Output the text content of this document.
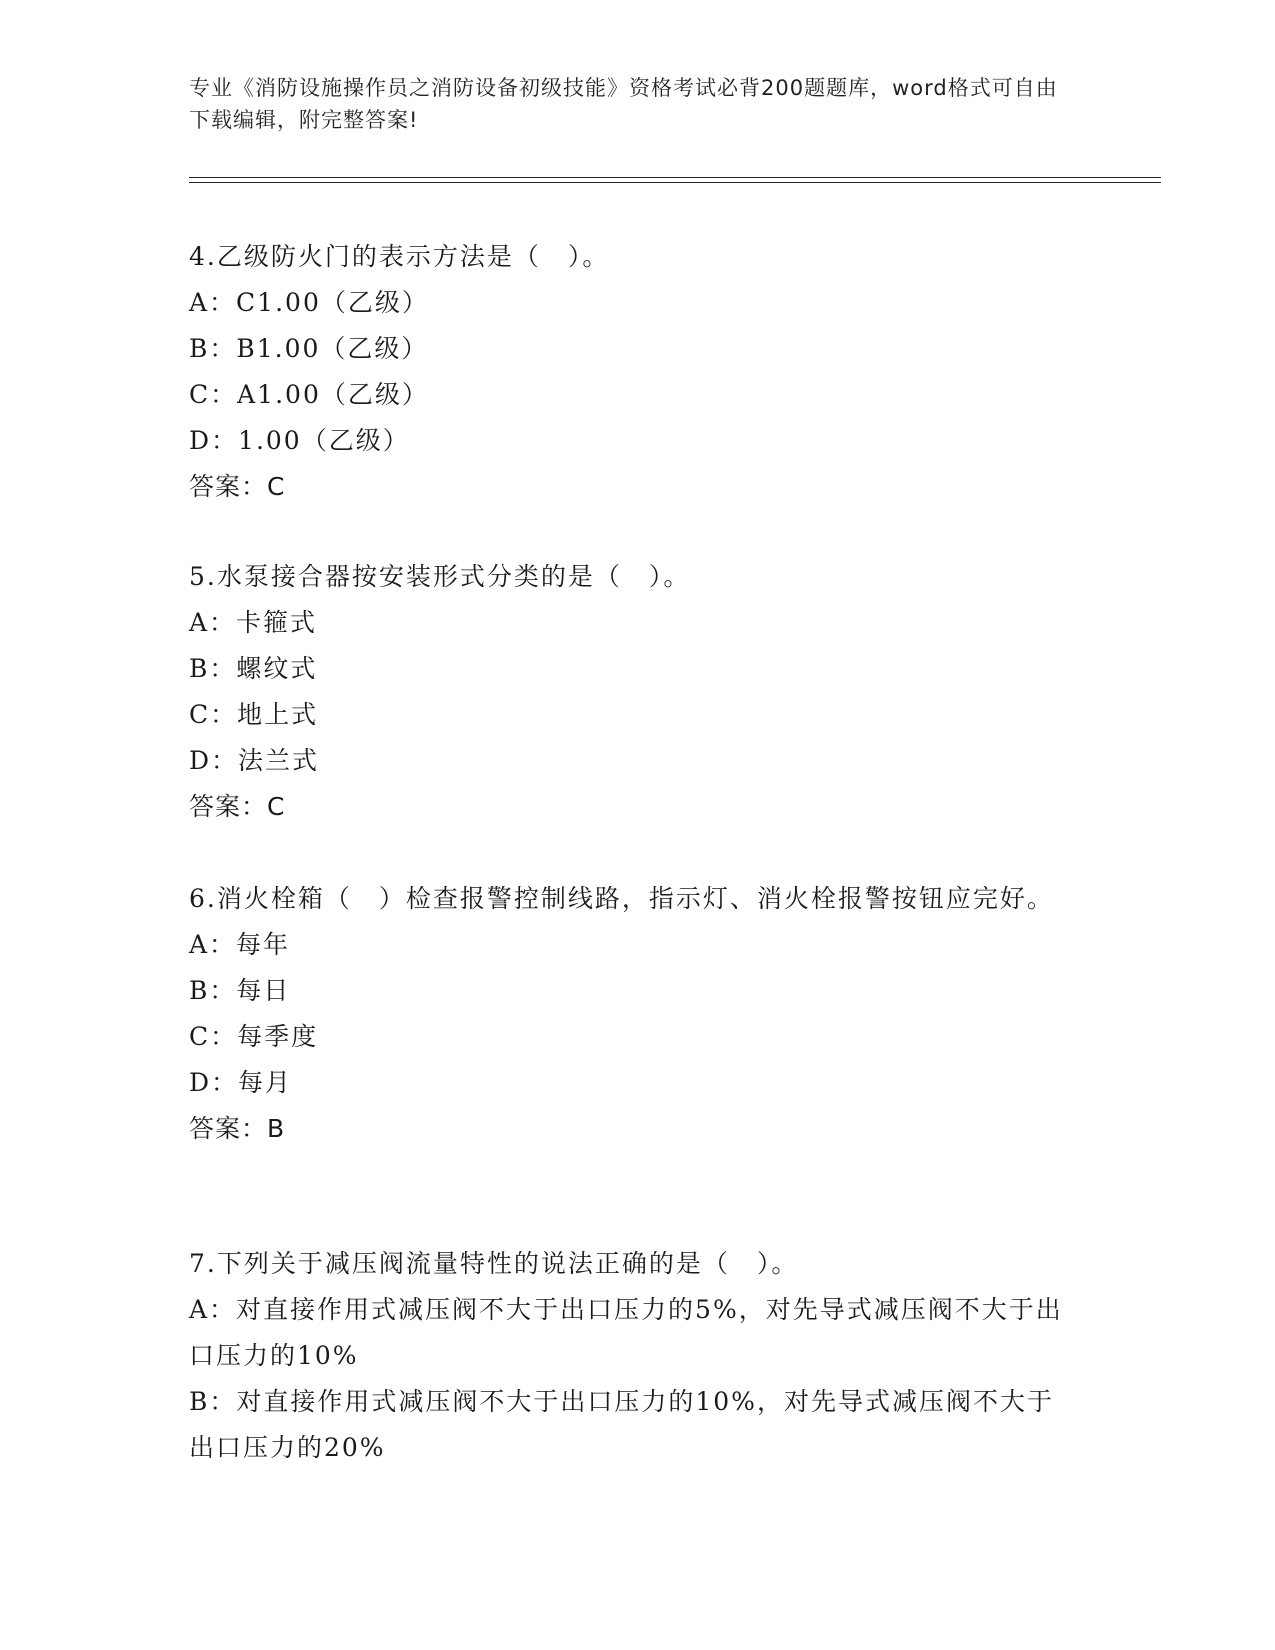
专业《消防设施操作员之消防设备初级技能》资格考试必背200题题库，word格式可自由下载编辑，附完整答案!
4.乙级防火门的表示方法是（　）。
A：C1.00（乙级）
B：B1.00（乙级）
C：A1.00（乙级）
D：1.00（乙级）
答案：C
5.水泵接合器按安装形式分类的是（　）。
A：卡箍式
B：螺纹式
C：地上式
D：法兰式
答案：C
6.消火栓箱（　）检查报警控制线路，指示灯、消火栓报警按钮应完好。
A：每年
B：每日
C：每季度
D：每月
答案：B
7.下列关于减压阀流量特性的说法正确的是（　）。
A：对直接作用式减压阀不大于出口压力的5%，对先导式减压阀不大于出口压力的10%
B：对直接作用式减压阀不大于出口压力的10%，对先导式减压阀不大于出口压力的20%
